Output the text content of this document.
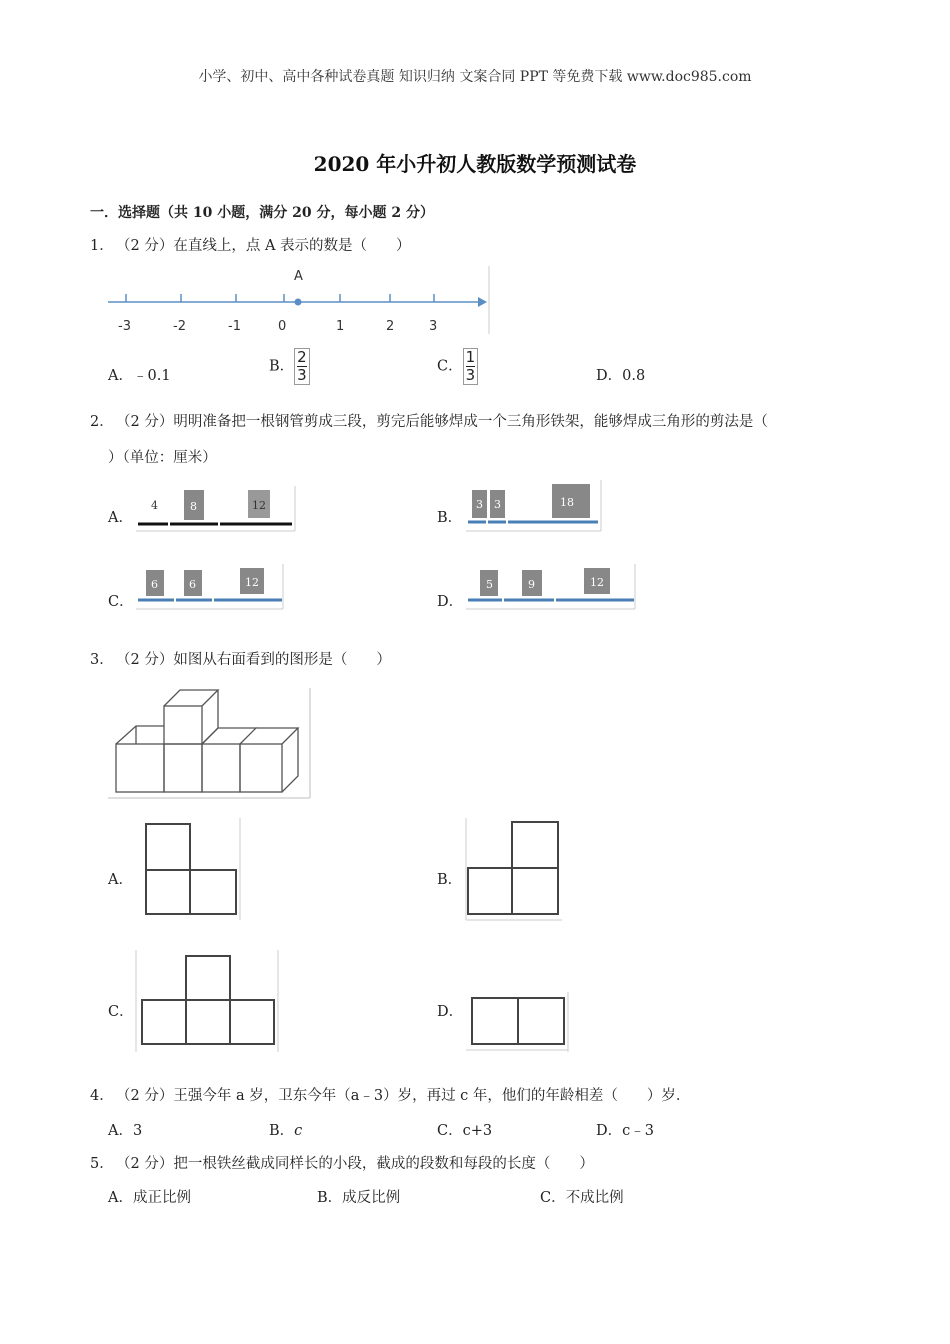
小学、初中、高中各种试卷真题 知识归纳 文案合同 PPT 等免费下载 www.doc985.com
2020 年小升初人教版数学预测试卷
一．选择题（共 10 小题，满分 20 分，每小题 2 分）
1． （2 分）在直线上，点 A 表示的数是（　　）
A
-3	-2	-1	0	1	2	3
A．﹣0.1
B．$\frac{2}{3}$	C．$\frac{1}{3}$	D．0.8
2． （2 分）明明准备把一根钢管剪成三段，剪完后能够焊成一个三角形铁架，能够焊成三角形的剪法是（
）（单位：厘米）
A．
4	8	12
B．
3 3	18
C．
6	6	12
D．
5	9	12
3． （2 分）如图从右面看到的图形是（　　）
A．	B．
C．	D．
4． （2 分）王强今年 a 岁，卫东今年（a﹣3）岁，再过 c 年，他们的年龄相差（　　）岁．
A．3	B．c	C．c+3	D．c﹣3
5． （2 分）把一根铁丝截成同样长的小段，截成的段数和每段的长度（　　）
A．成正比例	B．成反比例	C．不成比例
